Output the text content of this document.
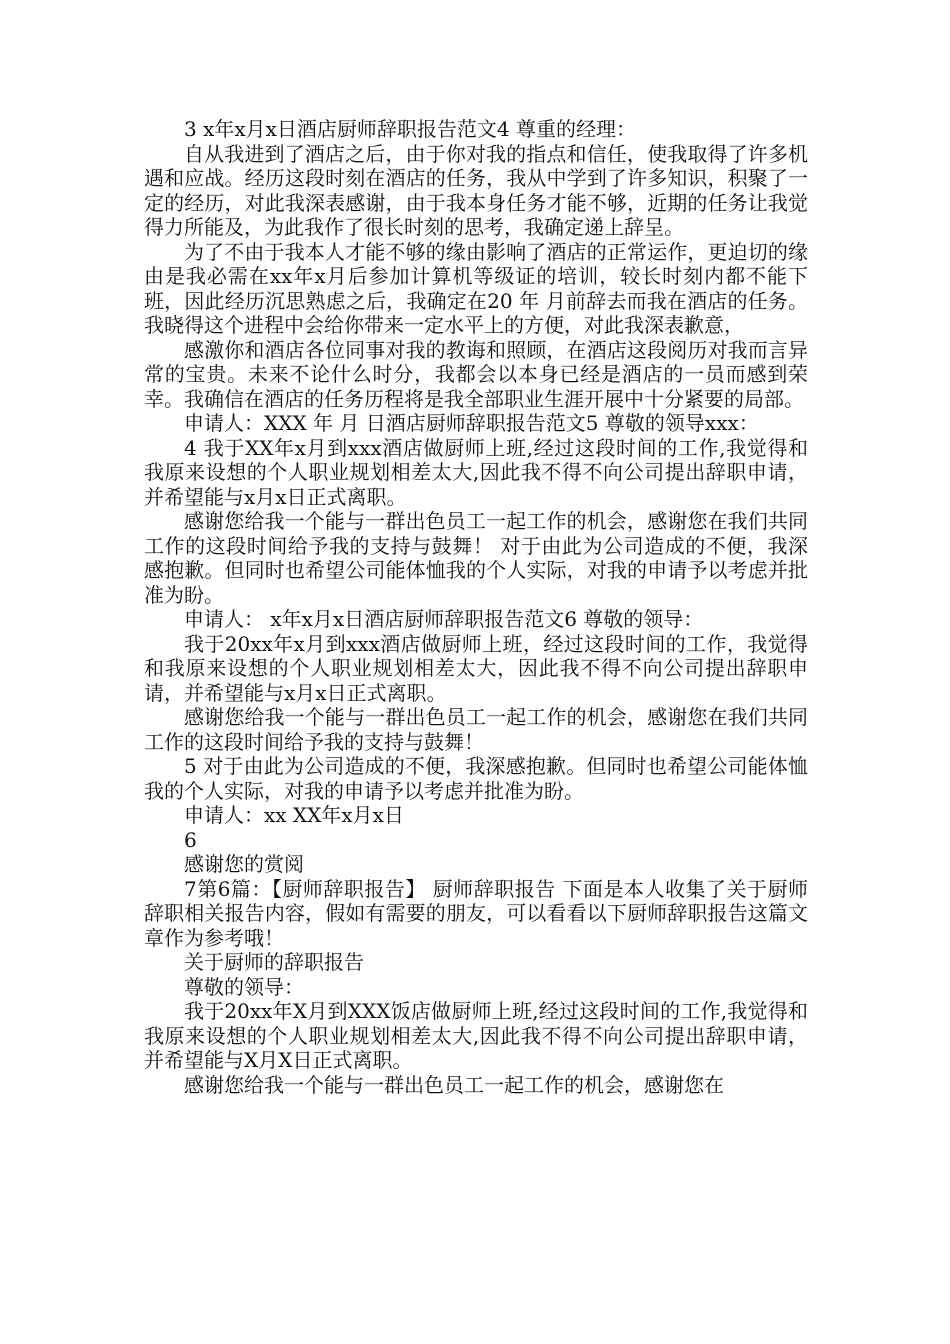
3 x年x月x日酒店厨师辞职报告范文4 尊重的经理：

自从我进到了酒店之后，由于你对我的指点和信任，使我取得了许多机遇和应战。经历这段时刻在酒店的任务，我从中学到了许多知识，积聚了一定的经历，对此我深表感谢，由于我本身任务才能不够，近期的任务让我觉得力所能及，为此我作了很长时刻的思考，我确定递上辞呈。

为了不由于我本人才能不够的缘由影响了酒店的正常运作，更迫切的缘由是我必需在xx年x月后参加计算机等级证的培训，较长时刻内都不能下班，因此经历沉思熟虑之后，我确定在20 年 月前辞去而我在酒店的任务。我晓得这个进程中会给你带来一定水平上的方便，对此我深表歉意，

感激你和酒店各位同事对我的教诲和照顾，在酒店这段阅历对我而言异常的宝贵。未来不论什么时分，我都会以本身已经是酒店的一员而感到荣幸。我确信在酒店的任务历程将是我全部职业生涯开展中十分紧要的局部。

申请人：XXX 年 月 日酒店厨师辞职报告范文5 尊敬的领导xxx：

4 我于XX年x月到xxx酒店做厨师上班,经过这段时间的工作,我觉得和我原来设想的个人职业规划相差太大,因此我不得不向公司提出辞职申请，并希望能与x月x日正式离职。

感谢您给我一个能与一群出色员工一起工作的机会，感谢您在我们共同工作的这段时间给予我的支持与鼓舞！ 对于由此为公司造成的不便，我深感抱歉。但同时也希望公司能体恤我的个人实际，对我的申请予以考虑并批准为盼。

申请人： x年x月x日酒店厨师辞职报告范文6 尊敬的领导：

我于20xx年x月到xxx酒店做厨师上班，经过这段时间的工作，我觉得和我原来设想的个人职业规划相差太大，因此我不得不向公司提出辞职申请，并希望能与x月x日正式离职。

感谢您给我一个能与一群出色员工一起工作的机会，感谢您在我们共同工作的这段时间给予我的支持与鼓舞！

5 对于由此为公司造成的不便，我深感抱歉。但同时也希望公司能体恤我的个人实际，对我的申请予以考虑并批准为盼。

申请人：xx XX年x月x日

6

感谢您的赏阅

7第6篇：【厨师辞职报告】 厨师辞职报告 下面是本人收集了关于厨师辞职相关报告内容，假如有需要的朋友，可以看看以下厨师辞职报告这篇文章作为参考哦！

关于厨师的辞职报告

尊敬的领导：

我于20xx年X月到XXX饭店做厨师上班,经过这段时间的工作,我觉得和我原来设想的个人职业规划相差太大,因此我不得不向公司提出辞职申请，并希望能与X月X日正式离职。

感谢您给我一个能与一群出色员工一起工作的机会，感谢您在
